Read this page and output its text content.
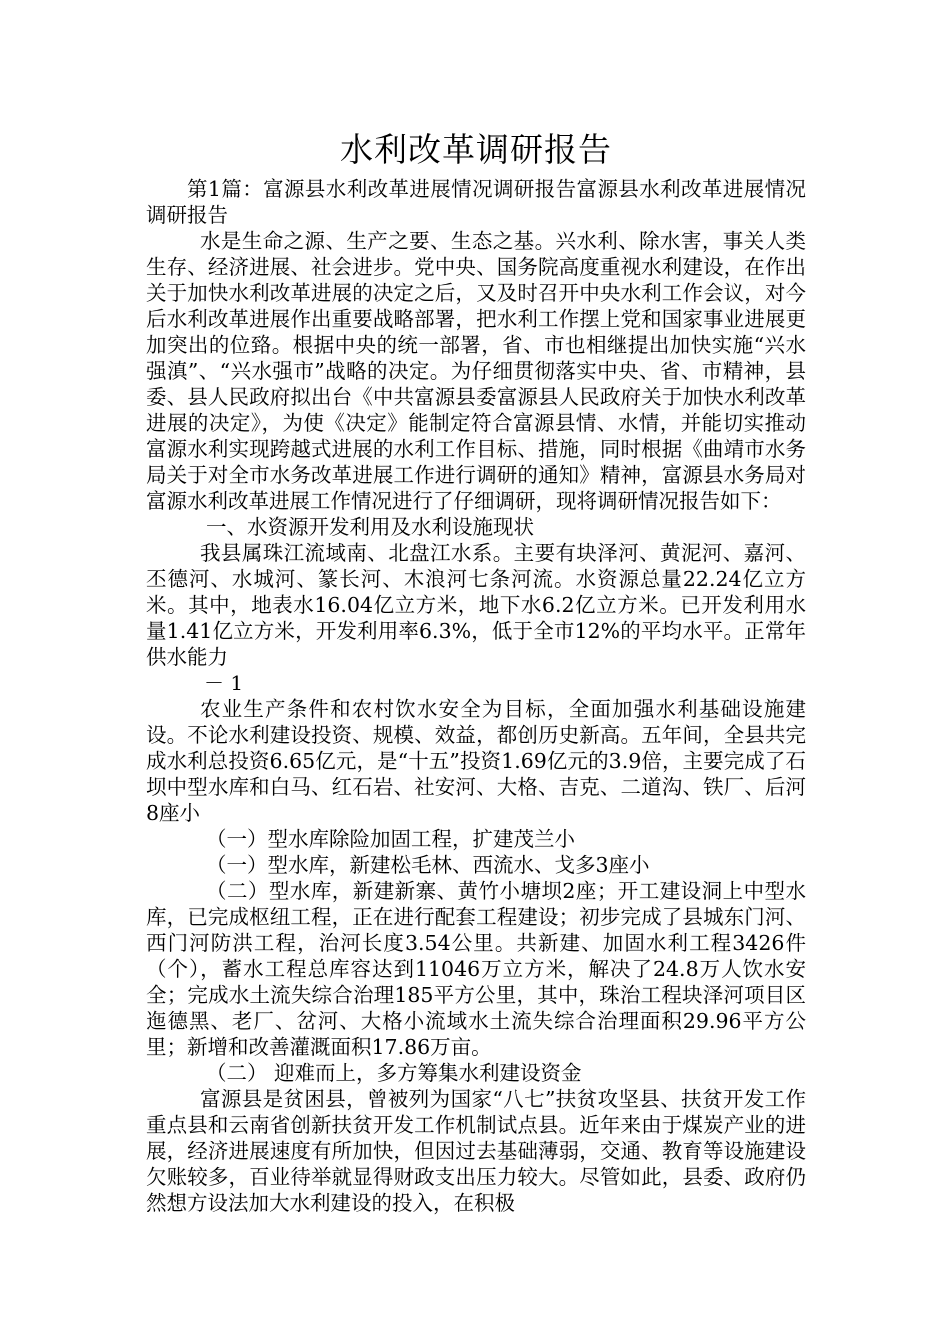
水利改革调研报告

第1篇：富源县水利改革进展情况调研报告富源县水利改革进展情况调研报告

水是生命之源、生产之要、生态之基。兴水利、除水害，事关人类生存、经济进展、社会进步。党中央、国务院高度重视水利建设，在作出关于加快水利改革进展的决定之后，又及时召开中央水利工作会议，对今后水利改革进展作出重要战略部署，把水利工作摆上党和国家事业进展更加突出的位臵。根据中央的统一部署，省、市也相继提出加快实施“兴水强滇”、“兴水强市”战略的决定。为仔细贯彻落实中央、省、市精神，县委、县人民政府拟出台《中共富源县委富源县人民政府关于加快水利改革进展的决定》，为使《决定》能制定符合富源县情、水情，并能切实推动富源水利实现跨越式进展的水利工作目标、措施，同时根据《曲靖市水务局关于对全市水务改革进展工作进行调研的通知》精神，富源县水务局对富源水利改革进展工作情况进行了仔细调研，现将调研情况报告如下：

一、水资源开发利用及水利设施现状

我县属珠江流域南、北盘江水系。主要有块泽河、黄泥河、嘉河、丕德河、水城河、篆长河、木浪河七条河流。水资源总量22.24亿立方米。其中，地表水16.04亿立方米，地下水6.2亿立方米。已开发利用水量1.41亿立方米，开发利用率6.3%，低于全市12%的平均水平。正常年供水能力

－ 1

农业生产条件和农村饮水安全为目标，全面加强水利基础设施建设。不论水利建设投资、规模、效益，都创历史新高。五年间，全县共完成水利总投资6.65亿元，是“十五”投资1.69亿元的3.9倍，主要完成了石坝中型水库和白马、红石岩、社安河、大格、吉克、二道沟、铁厂、后河8座小

（一）型水库除险加固工程，扩建茂兰小

（一）型水库，新建松毛林、西流水、戈多3座小

（二）型水库，新建新寨、黄竹小塘坝2座；开工建设洞上中型水库，已完成枢纽工程，正在进行配套工程建设；初步完成了县城东门河、西门河防洪工程，治河长度3.54公里。共新建、加固水利工程3426件（个），蓄水工程总库容达到11046万立方米，解决了24.8万人饮水安全；完成水土流失综合治理185平方公里，其中，珠治工程块泽河项目区迤德黑、老厂、岔河、大格小流域水土流失综合治理面积29.96平方公里；新增和改善灌溉面积17.86万亩。

（二） 迎难而上，多方筹集水利建设资金

富源县是贫困县，曾被列为国家“八七”扶贫攻坚县、扶贫开发工作重点县和云南省创新扶贫开发工作机制试点县。近年来由于煤炭产业的进展，经济进展速度有所加快，但因过去基础薄弱，交通、教育等设施建设欠账较多，百业待举就显得财政支出压力较大。尽管如此，县委、政府仍然想方设法加大水利建设的投入，在积极
